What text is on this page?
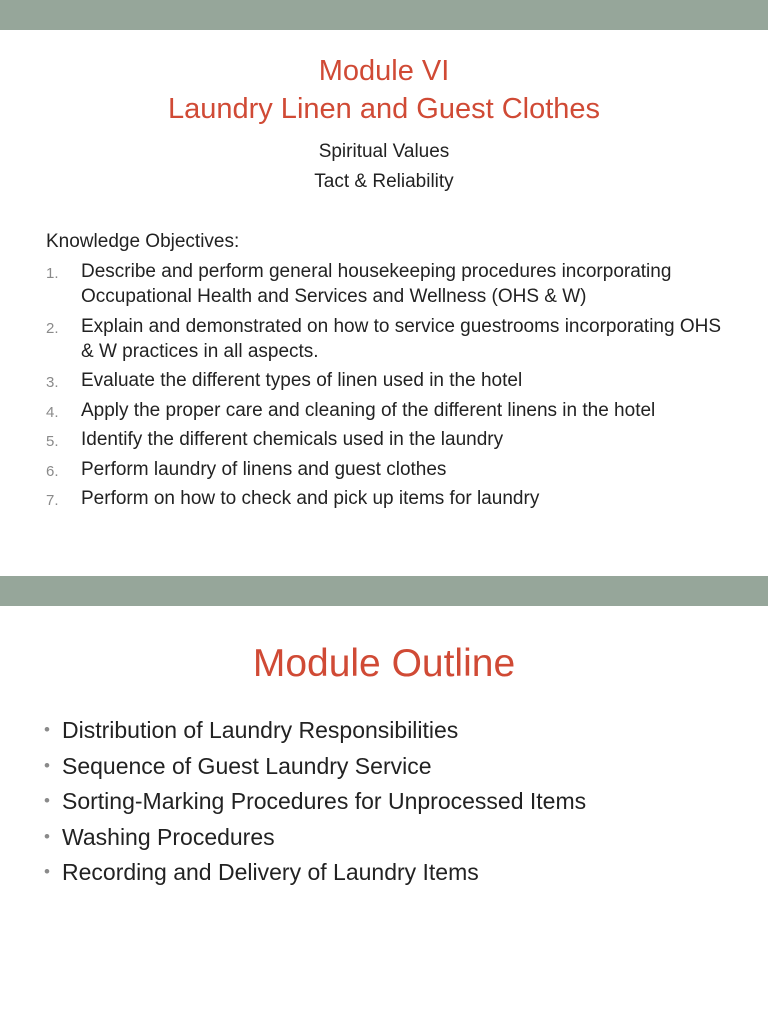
Module VI
Laundry Linen and Guest Clothes
Spiritual Values
Tact & Reliability
Knowledge Objectives:
1. Describe and perform general housekeeping procedures incorporating Occupational Health and Services and Wellness (OHS & W)
2. Explain and demonstrated on how to service guestrooms incorporating OHS & W practices in all aspects.
3. Evaluate the different types of linen used in the hotel
4. Apply the proper care and cleaning of the different linens in the hotel
5. Identify the different chemicals used in the laundry
6. Perform laundry of linens and guest clothes
7. Perform on how to check and pick up items for laundry
Module Outline
• Distribution of Laundry Responsibilities
• Sequence of Guest Laundry Service
• Sorting-Marking Procedures for Unprocessed Items
• Washing Procedures
• Recording and Delivery of Laundry Items
